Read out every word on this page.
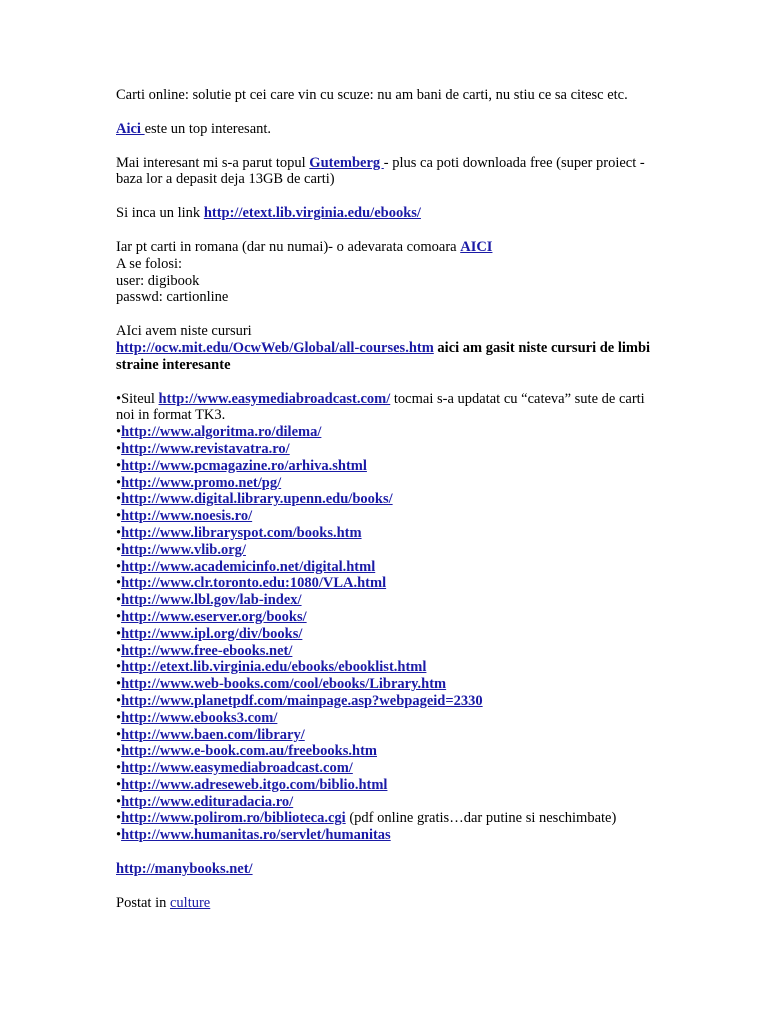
Carti online: solutie pt cei care vin cu scuze: nu am bani de carti, nu stiu ce sa citesc etc.

Aici este un top interesant.

Mai interesant mi s-a parut topul Gutemberg - plus ca poti downloada free (super proiect - baza lor a depasit deja 13GB de carti)

Si inca un link http://etext.lib.virginia.edu/ebooks/

Iar pt carti in romana (dar nu numai)- o adevarata comoara AICI

A se folosi:

user: digibook

passwd: cartionline

AIci avem niste cursuri

http://ocw.mit.edu/OcwWeb/Global/all-courses.htm aici am gasit niste cursuri de limbi straine interesante

•Siteul http://www.easymediabroadcast.com/ tocmai s-a updatat cu “cateva” sute de carti noi in format TK3.

•http://www.algoritma.ro/dilema/
•http://www.revistavatra.ro/
•http://www.pcmagazine.ro/arhiva.shtml
•http://www.promo.net/pg/
•http://www.digital.library.upenn.edu/books/
•http://www.noesis.ro/
•http://www.libraryspot.com/books.htm
•http://www.vlib.org/
•http://www.academicinfo.net/digital.html
•http://www.clr.toronto.edu:1080/VLA.html
•http://www.lbl.gov/lab-index/
•http://www.eserver.org/books/
•http://www.ipl.org/div/books/
•http://www.free-ebooks.net/
•http://etext.lib.virginia.edu/ebooks/ebooklist.html
•http://www.web-books.com/cool/ebooks/Library.htm
•http://www.planetpdf.com/mainpage.asp?webpageid=2330
•http://www.ebooks3.com/
•http://www.baen.com/library/
•http://www.e-book.com.au/freebooks.htm
•http://www.easymediabroadcast.com/
•http://www.adreseweb.itgo.com/biblio.html
•http://www.edituradacia.ro/
•http://www.polirom.ro/biblioteca.cgi (pdf online gratis…dar putine si neschimbate)
•http://www.humanitas.ro/servlet/humanitas

http://manybooks.net/

Postat in culture
